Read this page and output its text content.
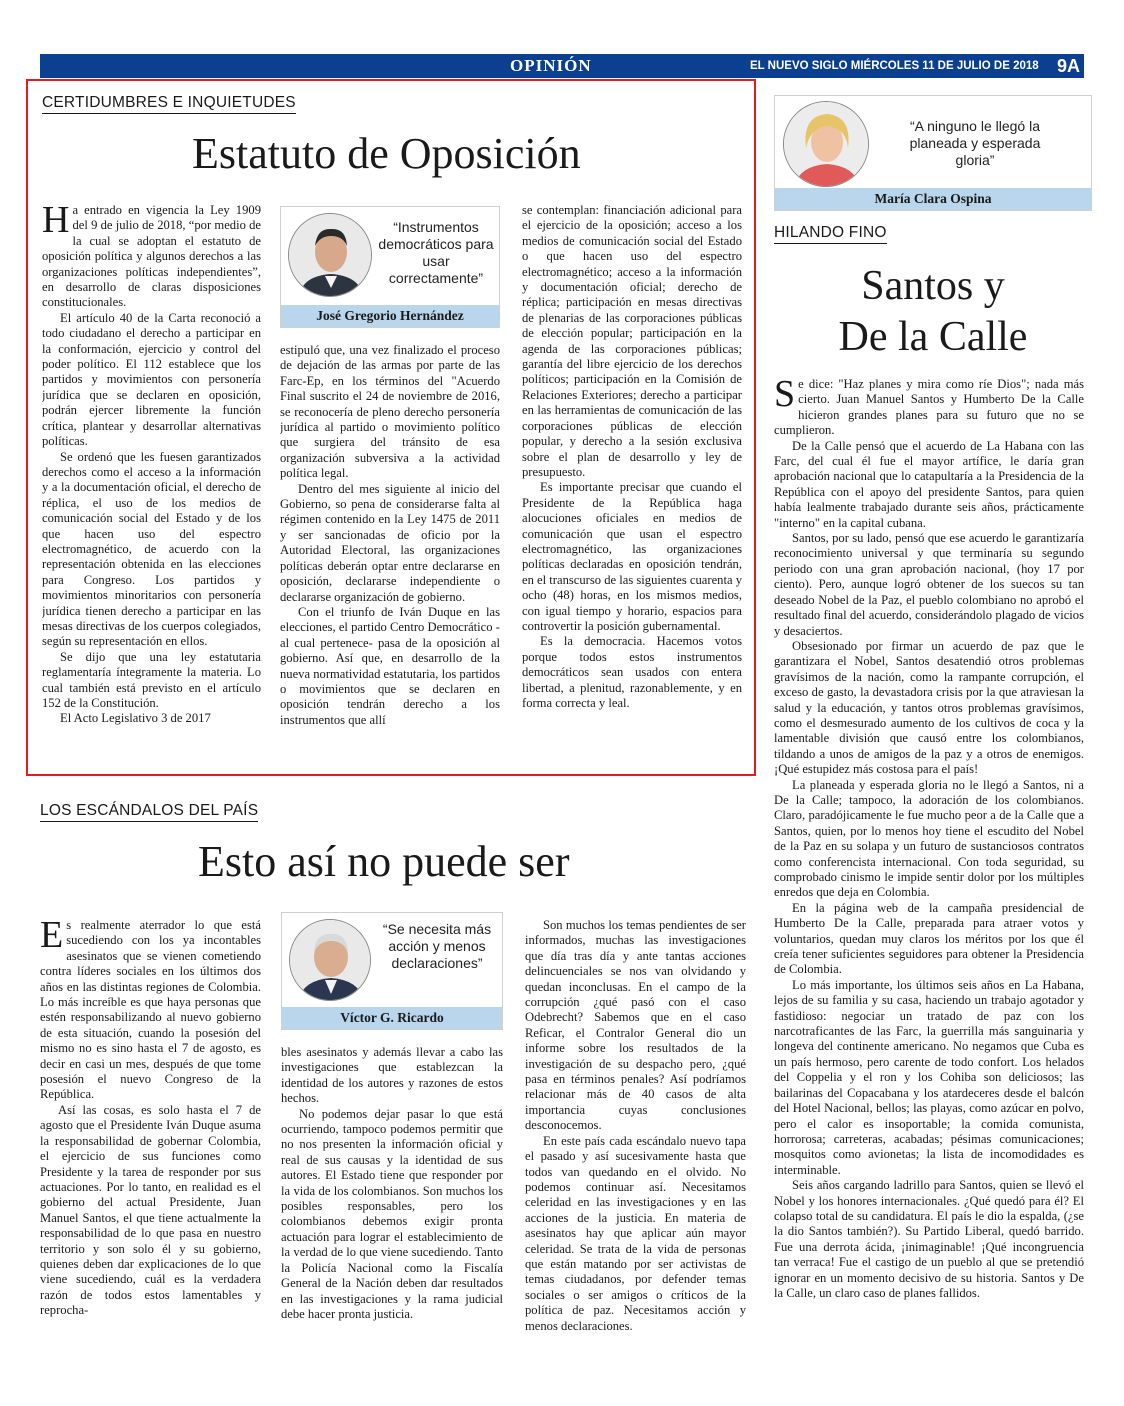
OPINIÓN	EL NUEVO SIGLO MIÉRCOLES 11 DE JULIO DE 2018 9A
CERTIDUMBRES E INQUIETUDES
Estatuto de Oposición

Ha entrado en vigencia la Ley 1909 del 9 de julio de 2018, “por medio de la cual se adoptan el estatuto de oposición política y algunos derechos a las organizaciones políticas independientes”, en desarrollo de claras disposiciones constitucionales.

El artículo 40 de la Carta reconoció a todo ciudadano el derecho a participar en la conformación, ejercicio y control del poder político. El 112 establece que los partidos y movimientos con personería jurídica que se declaren en oposición, podrán ejercer libremente la función crítica, plantear y desarrollar alternativas políticas.

Se ordenó que les fuesen garantizados derechos como el acceso a la información y a la documentación oficial, el derecho de réplica, el uso de los medios de comunicación social del Estado y de los que hacen uso del espectro electromagnético, de acuerdo con la representación obtenida en las elecciones para Congreso. Los partidos y movimientos minoritarios con personería jurídica tienen derecho a participar en las mesas directivas de los cuerpos colegiados, según su representación en ellos.

Se dijo que una ley estatutaria reglamentaría íntegramente la materia. Lo cual también está previsto en el artículo 152 de la Constitución.

El Acto Legislativo 3 de 2017

“Instrumentos democráticos para usar correctamente”
José Gregorio Hernández

estipuló que, una vez finalizado el proceso de dejación de las armas por parte de las Farc-Ep, en los términos del "Acuerdo Final suscrito el 24 de noviembre de 2016, se reconocería de pleno derecho personería jurídica al partido o movimiento político que surgiera del tránsito de esa organización subversiva a la actividad política legal.

Dentro del mes siguiente al inicio del Gobierno, so pena de considerarse falta al régimen contenido en la Ley 1475 de 2011 y ser sancionadas de oficio por la Autoridad Electoral, las organizaciones políticas deberán optar entre declararse en oposición, declararse independiente o declararse organización de gobierno.

Con el triunfo de Iván Duque en las elecciones, el partido Centro Democrático -al cual pertenece- pasa de la oposición al gobierno. Así que, en desarrollo de la nueva normatividad estatutaria, los partidos o movimientos que se declaren en oposición tendrán derecho a los instrumentos que allí

se contemplan: financiación adicional para el ejercicio de la oposición; acceso a los medios de comunicación social del Estado o que hacen uso del espectro electromagnético; acceso a la información y documentación oficial; derecho de réplica; participación en mesas directivas de plenarias de las corporaciones públicas de elección popular; participación en la agenda de las corporaciones públicas; garantía del libre ejercicio de los derechos políticos; participación en la Comisión de Relaciones Exteriores; derecho a participar en las herramientas de comunicación de las corporaciones públicas de elección popular, y derecho a la sesión exclusiva sobre el plan de desarrollo y ley de presupuesto.

Es importante precisar que cuando el Presidente de la República haga alocuciones oficiales en medios de comunicación que usan el espectro electromagnético, las organizaciones políticas declaradas en oposición tendrán, en el transcurso de las siguientes cuarenta y ocho (48) horas, en los mismos medios, con igual tiempo y horario, espacios para controvertir la posición gubernamental.

Es la democracia. Hacemos votos porque todos estos instrumentos democráticos sean usados con entera libertad, a plenitud, razonablemente, y en forma correcta y leal.

LOS ESCÁNDALOS DEL PAÍS
Esto así no puede ser

Es realmente aterrador lo que está sucediendo con los ya incontables asesinatos que se vienen cometiendo contra líderes sociales en los últimos dos años en las distintas regiones de Colombia. Lo más increíble es que haya personas que estén responsabilizando al nuevo gobierno de esta situación, cuando la posesión del mismo no es sino hasta el 7 de agosto, es decir en casi un mes, después de que tome posesión el nuevo Congreso de la República.

Así las cosas, es solo hasta el 7 de agosto que el Presidente Iván Duque asuma la responsabilidad de gobernar Colombia, el ejercicio de sus funciones como Presidente y la tarea de responder por sus actuaciones. Por lo tanto, en realidad es el gobierno del actual Presidente, Juan Manuel Santos, el que tiene actualmente la responsabilidad de lo que pasa en nuestro territorio y son solo él y su gobierno, quienes deben dar explicaciones de lo que viene sucediendo, cuál es la verdadera razón de todos estos lamentables y reprocha-

“Se necesita más acción y menos declaraciones”
Víctor G. Ricardo

bles asesinatos y además llevar a cabo las investigaciones que establezcan la identidad de los autores y razones de estos hechos.

No podemos dejar pasar lo que está ocurriendo, tampoco podemos permitir que no nos presenten la información oficial y real de sus causas y la identidad de sus autores. El Estado tiene que responder por la vida de los colombianos. Son muchos los posibles responsables, pero los colombianos debemos exigir pronta actuación para lograr el establecimiento de la verdad de lo que viene sucediendo. Tanto la Policía Nacional como la Fiscalía General de la Nación deben dar resultados en las investigaciones y la rama judicial debe hacer pronta justicia.

Son muchos los temas pendientes de ser informados, muchas las investigaciones que día tras día y ante tantas acciones delincuenciales se nos van olvidando y quedan inconclusas. En el campo de la corrupción ¿qué pasó con el caso Odebrecht? Sabemos que en el caso Reficar, el Contralor General dio un informe sobre los resultados de la investigación de su despacho pero, ¿qué pasa en términos penales? Así podríamos relacionar más de 40 casos de alta importancia cuyas conclusiones desconocemos.

En este país cada escándalo nuevo tapa el pasado y así sucesivamente hasta que todos van quedando en el olvido. No podemos continuar así. Necesitamos celeridad en las investigaciones y en las acciones de la justicia. En materia de asesinatos hay que aplicar aún mayor celeridad. Se trata de la vida de personas que están matando por ser activistas de temas ciudadanos, por defender temas sociales o ser amigos o críticos de la política de paz. Necesitamos acción y menos declaraciones.

“A ninguno le llegó la planeada y esperada gloria”
María Clara Ospina
HILANDO FINO
Santos y
De la Calle

Se dice: "Haz planes y mira como ríe Dios"; nada más cierto. Juan Manuel Santos y Humberto De la Calle hicieron grandes planes para su futuro que no se cumplieron.

De la Calle pensó que el acuerdo de La Habana con las Farc, del cual él fue el mayor artífice, le daría gran aprobación nacional que lo catapultaría a la Presidencia de la República con el apoyo del presidente Santos, para quien había lealmente trabajado durante seis años, prácticamente "interno" en la capital cubana.

Santos, por su lado, pensó que ese acuerdo le garantizaría reconocimiento universal y que terminaría su segundo periodo con una gran aprobación nacional, (hoy 17 por ciento). Pero, aunque logró obtener de los suecos su tan deseado Nobel de la Paz, el pueblo colombiano no aprobó el resultado final del acuerdo, considerándolo plagado de vicios y desaciertos.

Obsesionado por firmar un acuerdo de paz que le garantizara el Nobel, Santos desatendió otros problemas gravísimos de la nación, como la rampante corrupción, el exceso de gasto, la devastadora crisis por la que atraviesan la salud y la educación, y tantos otros problemas gravísimos, como el desmesurado aumento de los cultivos de coca y la lamentable división que causó entre los colombianos, tildando a unos de amigos de la paz y a otros de enemigos. ¡Qué estupidez más costosa para el país!

La planeada y esperada gloria no le llegó a Santos, ni a De la Calle; tampoco, la adoración de los colombianos. Claro, paradójicamente le fue mucho peor a de la Calle que a Santos, quien, por lo menos hoy tiene el escudito del Nobel de la Paz en su solapa y un futuro de sustanciosos contratos como conferencista internacional. Con toda seguridad, su comprobado cinismo le impide sentir dolor por los múltiples enredos que deja en Colombia.

En la página web de la campaña presidencial de Humberto De la Calle, preparada para atraer votos y voluntarios, quedan muy claros los méritos por los que él creía tener suficientes seguidores para obtener la Presidencia de Colombia.

Lo más importante, los últimos seis años en La Habana, lejos de su familia y su casa, haciendo un trabajo agotador y fastidioso: negociar un tratado de paz con los narcotraficantes de las Farc, la guerrilla más sanguinaria y longeva del continente americano. No negamos que Cuba es un país hermoso, pero carente de todo confort. Los helados del Coppelia y el ron y los Cohiba son deliciosos; las bailarinas del Copacabana y los atardeceres desde el balcón del Hotel Nacional, bellos; las playas, como azúcar en polvo, pero el calor es insoportable; la comida comunista, horrorosa; carreteras, acabadas; pésimas comunicaciones; mosquitos como avionetas; la lista de incomodidades es interminable.

Seis años cargando ladrillo para Santos, quien se llevó el Nobel y los honores internacionales. ¿Qué quedó para él? El colapso total de su candidatura. El país le dio la espalda, (¿se la dio Santos también?). Su Partido Liberal, quedó barrido. Fue una derrota ácida, ¡inimaginable! ¡Qué incongruencia tan verraca! Fue el castigo de un pueblo al que se pretendió ignorar en un momento decisivo de su historia. Santos y De la Calle, un claro caso de planes fallidos.
